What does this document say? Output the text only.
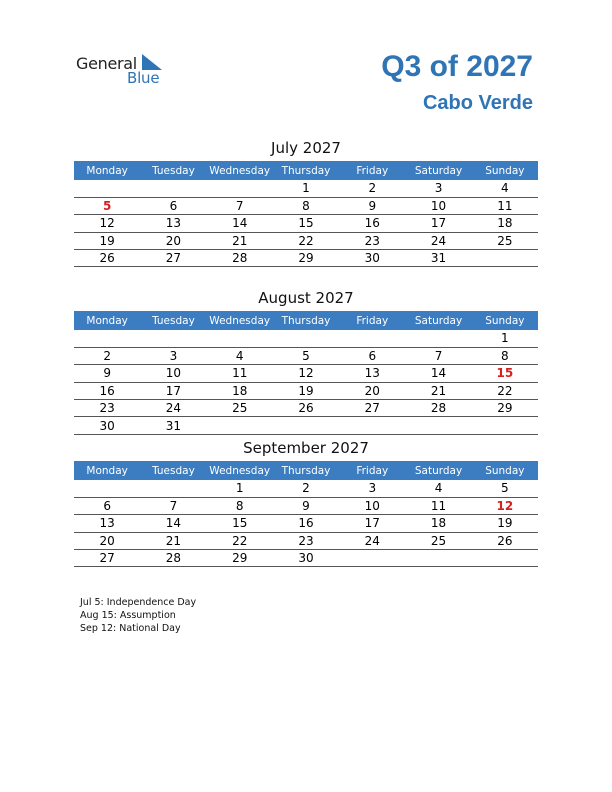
General
Blue	Q3 of 2027
Cabo Verde
July 2027
Monday	Tuesday	Wednesday	Thursday	Friday	Saturday	Sunday
			1	2	3	4
5	6	7	8	9	10	11
12	13	14	15	16	17	18
19	20	21	22	23	24	25
26	27	28	29	30	31	
August 2027
Monday	Tuesday	Wednesday	Thursday	Friday	Saturday	Sunday
						1
2	3	4	5	6	7	8
9	10	11	12	13	14	15
16	17	18	19	20	21	22
23	24	25	26	27	28	29
30	31					
September 2027
Monday	Tuesday	Wednesday	Thursday	Friday	Saturday	Sunday
		1	2	3	4	5
6	7	8	9	10	11	12
13	14	15	16	17	18	19
20	21	22	23	24	25	26
27	28	29	30			
Jul 5: Independence Day
Aug 15: Assumption
Sep 12: National Day
